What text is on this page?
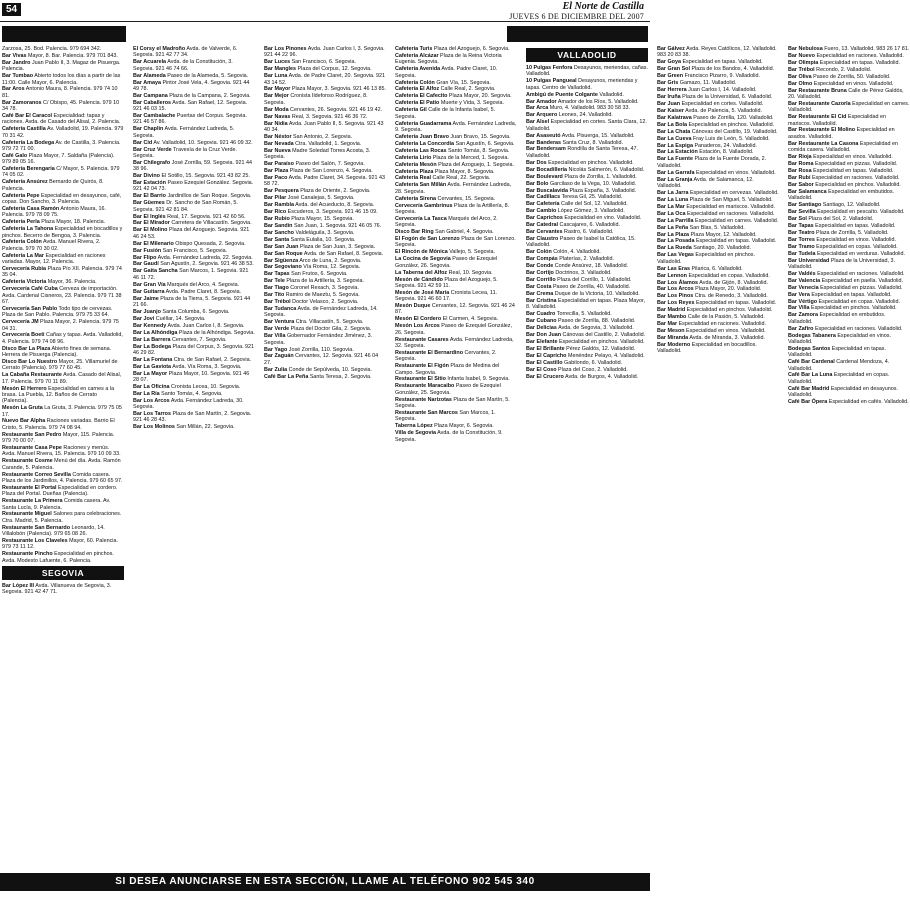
54	El Norte de Castilla
JUEVES 6 DE DICIEMBRE DEL 2007
Zarzosa, 25. Bod. Palencia. 979 694 342.
Bar Vivas Mayor, 8. Bar. Palencia. 979 701 843.
Bar Jandro Juan Pablo II, 3. Magaz de Pisuerga. Palencia.
Bar Tumbao Abierto todos los días a partir de las 11:00. Calle Mayor, 6. Palencia.
Bar Aros Antonio Maura, 8. Palencia. 979 74 10 81.
Bar Zamoranos C/ Obispo, 45. Palencia. 979 10 34 78.
Café Bar El Caracol Especialidad: tapas y raciones. Avda. de Casado del Alisal, 2. Palencia.
Cafetería Castilla Av. Valladolid, 19. Palencia. 979 70 31 42.
Cafetería La Bodega Av. de Castilla, 3. Palencia. 979 72 71 00.
Café Galo Plaza Mayor, 7. Saldaña (Palencia). 979 89 05 16.
Cafetería Berengaria C/ Mayor, 5. Palencia. 979 74 05 02.
Cafetería Ansúrez Bernardo de Quirós, 8. Palencia.
Cafetería Pepe Especialidad en desayunos, café, copas. Don Sancho, 3. Palencia.
Cafetería Casa Ramón Antonio Maura, 16. Palencia. 979 78 09 75.
Cafetería Perla Plaza Mayor, 18. Palencia.
Cafetería La Tahona Especialidad en bocadillos y pinchos. Becerro de Bengoa, 3. Palencia.
Cafetería Colón Avda. Manuel Rivera, 2. Palencia. 979 70 30 02.
Cafetería La Mar Especialidad en raciones variadas. Mayor, 12. Palencia.
Cervecería Rubia Plaza Pío XII. Palencia. 979 74 35 04.
Cafetería Victoria Mayor, 36. Palencia.
Cervecería Café Cuba Cerveza de importación. Avda. Cardenal Cisneros, 23. Palencia. 979 71 38 67.
Cervecería San Pablo Todo tipo de cervezas. Plaza de San Pablo. Palencia. 979 75 33 64.
Cervecería JM Plaza Mayor, 2. Palencia. 979 75 04 31.
Cervecería Boeti Cañas y tapas. Avda. Valladolid, 4. Palencia. 979 74 08 96.
Disco Bar La Plaza Abierto fines de semana. Herrera de Pisuerga (Palencia).
Disco Bar Lo Nuestro Mayor, 25. Villamuriel de Cerrato (Palencia). 979 77 60 45.
La Cabaña Restaurante Avda. Casado del Alisal, 17. Palencia. 979 70 11 89.
Mesón El Herrero Especialidad en carnes a la brasa. La Puebla, 12. Baños de Cerrato (Palencia).
Mesón La Gruta La Gruta, 3. Palencia. 979 75 05 17.
Nuevo Bar Alpha Raciones variadas. Barrio El Cristo, 5. Palencia. 979 74 08 94.
Restaurante San Pedro Mayor, 115. Palencia. 979 70 00 07.
Restaurante Casa Pepe Raciones y menús. Avda. Manuel Rivera, 15. Palencia. 979 10 09 33.
Restaurante Cosme Menú del día. Avda. Ramón Carande, 5. Palencia.
Restaurante Correo Sevilla Comida casera. Plaza de los Jardinillos, 4. Palencia. 979 60 65 97.
Restaurante El Portal Especialidad en cordero. Plaza del Portal. Dueñas (Palencia).
Restaurante La Primera Comida casera. Av. Santa Lucía, 9. Palencia.
Restaurante Miguel Salones para celebraciones. Ctra. Madrid, 5. Palencia.
Restaurante San Bernardo Leonardo, 14. Villalobón (Palencia). 979 65 08 26.
Restaurante Los Claveles Mayor, 60. Palencia. 979 73 11 12.
Restaurante Pincho Especialidad en pinchos. Avda. Modesto Lafuente, 6. Palencia.
SEGOVIA
Bar López III Avda. Villanueva de Segovia, 3. Segovia. 921 42 47 71.
El Corsy el Madroño Avda. de Valverde, 6. Segovia. 921 42 77 34.
Bar Acuarela Avda. de la Constitución, 3. Segovia. 921 46 74 66.
Bar Alameda Paseo de la Alameda, 5. Segovia.
Bar Amaya Pintor José Vela, 4. Segovia. 921 44 49 78.
Bar Campana Plaza de la Campana, 2. Segovia.
Bar Caballeros Avda. San Rafael, 12. Segovia. 921 46 03 15.
Bar Cambalache Puertas del Corpus. Segovia. 921 46 57 86.
Bar Chaplin Avda. Fernández Ladreda, 5. Segovia.
Bar Cid Av. Valladolid, 10. Segovia. 921 46 09 32.
Bar Cruz Verde Travesía de la Cruz Verde. Segovia.
Bar Chilegrafo José Zorrilla, 59. Segovia. 921 44 38 96.
Bar Divino El Sotillo, 15. Segovia. 921 43 82 25.
Bar Estación Paseo Ezequiel González. Segovia. 921 42 04 73.
Bar El Barrio Jardinillos de San Roque. Segovia.
Bar Güemes Dr. Sancho de San Román, 5. Segovia. 921 42 81 84.
Bar El Inglés Real, 17. Segovia. 921 42 60 56.
Bar El Mirador Carretera de Villacastín. Segovia.
Bar El Molino Plaza del Azoguejo. Segovia. 921 46 24 53.
Bar El Milenario Obispo Quesada, 2. Segovia.
Bar Fusión San Francisco, 5. Segovia.
Bar Flipo Avda. Fernández Ladreda, 22. Segovia.
Bar Gaudí San Agustín, 2. Segovia. 921 46 38 53.
Bar Gaita Sancha San Marcos, 1. Segovia. 921 46 11 72.
Bar Gran Vía Marqués del Arco, 4. Segovia.
Bar Guitarra Avda. Padre Claret, 8. Segovia.
Bar Jaime Plaza de la Tierra, 5. Segovia. 921 44 21 66.
Bar Juanjo Santa Columba, 6. Segovia.
Bar Jovi Cuéllar, 14. Segovia.
Bar Kennedy Avda. Juan Carlos I, 8. Segovia.
Bar La Alhóndiga Plaza de la Alhóndiga. Segovia.
Bar La Barrera Cervantes, 7. Segovia.
Bar La Bodega Plaza del Corpus, 3. Segovia. 921 46 29 82.
Bar La Fontana Ctra. de San Rafael, 2. Segovia.
Bar La Gaviota Avda. Vía Roma, 3. Segovia.
Bar La Mayor Plaza Mayor, 10. Segovia. 921 46 28 07.
Bar La Oficina Cronista Lecea, 10. Segovia.
Bar La Ría Santo Tomás, 4. Segovia.
Bar Los Arcos Avda. Fernández Ladreda, 30. Segovia.
Bar Los Tarros Plaza de San Martín, 2. Segovia. 921 46 28 43.
Bar Los Molinos San Millán, 22. Segovia.
Bar Los Pinones Avda. Juan Carlos I, 3. Segovia. 921 44 22 96.
Bar Luces San Francisco, 6. Segovia.
Bar Mangles Plaza del Corpus, 12. Segovia.
Bar Luna Avda. de Padre Claret, 20. Segovia. 921 43 14 52.
Bar Mayor Plaza Mayor, 3. Segovia. 921 46 13 85.
Bar Mejor Cronista Ildefonso Rodríguez, 8. Segovia.
Bar Moda Cervantes, 26. Segovia. 921 46 19 42.
Bar Navas Real, 3. Segovia. 921 46 36 72.
Bar Nidia Avda. Juan Pablo II, 5. Segovia. 921 43 40 34.
Bar Néstor San Antonio, 2. Segovia.
Bar Nevada Ctra. Valladolid, 1. Segovia.
Bar Nueva Madre Soledad Torres Acosta, 3. Segovia.
Bar Paraíso Paseo del Salón, 7. Segovia.
Bar Plaza Plaza de San Lorenzo, 4. Segovia.
Bar Paco Avda. Padre Claret, 34. Segovia. 921 43 58 72.
Bar Pesquera Plaza de Oriente, 2. Segovia.
Bar Pilar José Canalejas, 5. Segovia.
Bar Rambla Avda. del Acueducto, 8. Segovia.
Bar Rico Escuderos, 3. Segovia. 921 46 15 09.
Bar Rubio Plaza Mayor, 15. Segovia.
Bar Sandín San Juan, 1. Segovia. 921 46 05 76.
Bar Sancho Valdeláguila, 3. Segovia.
Bar Santa Santa Eulalia, 10. Segovia.
Bar San Juan Plaza de San Juan, 3. Segovia.
Bar San Roque Avda. de San Rafael, 8. Segovia.
Bar Sigüenza Arco de Luna, 2. Segovia.
Bar Segoviano Vía Roma, 12. Segovia.
Bar Tapas San Frutos, 6. Segovia.
Bar Tele Plaza de la Artillería, 3. Segovia.
Bar Tiago Coronel Rexach, 3. Segovia.
Bar Tito Ramiro de Maeztu, 5. Segovia.
Bar Trébol Doctor Velasco, 2. Segovia.
Bar Tudanca Avda. de Fernández Ladreda, 14. Segovia.
Bar Ventura Ctra. Villacastín, 5. Segovia.
Bar Verde Plaza del Doctor Gila, 2. Segovia.
Bar Villa Gobernador Fernández Jiménez, 3. Segovia.
Bar Yago José Zorrilla, 110. Segovia.
Bar Zaguán Cervantes, 12. Segovia. 921 46 04 27.
Bar Zulia Conde de Sepúlveda, 10. Segovia.
Café Bar La Peña Santa Teresa, 2. Segovia.
Cafetería Turis Plaza del Azoguejo, 6. Segovia.
Cafetería Alcázar Plaza de la Reina Victoria Eugenia. Segovia.
Cafetería Avenida Avda. Padre Claret, 10. Segovia.
Cafetería Colón Gran Vía, 15. Segovia.
Cafetería El Alfoz Calle Real, 2. Segovia.
Cafetería El Cafecito Plaza Mayor, 20. Segovia.
Cafetería El Patio Muerte y Vida, 3. Segovia.
Cafetería Gil Calle de la Infanta Isabel, 5. Segovia.
Cafetería Guadarrama Avda. Fernández Ladreda, 9. Segovia.
Cafetería Juan Bravo Juan Bravo, 15. Segovia.
Cafetería La Concordia San Agustín, 6. Segovia.
Cafetería Las Rocas Santo Tomás, 8. Segovia.
Cafetería Lirio Plaza de la Merced, 1. Segovia.
Cafetería Mesón Plaza del Azoguejo, 1. Segovia.
Cafetería Plaza Plaza Mayor, 8. Segovia.
Cafetería Real Calle Real, 22. Segovia.
Cafetería San Millán Avda. Fernández Ladreda, 28. Segovia.
Cafetería Sirena Cervantes, 15. Segovia.
Cervecería Gambrinus Plaza de la Artillería, 8. Segovia.
Cervecería La Tasca Marqués del Arco, 2. Segovia.
Disco Bar Ring San Gabriel, 4. Segovia.
El Fogón de San Lorenzo Plaza de San Lorenzo. Segovia.
El Rincón de Mónica Vallejo, 5. Segovia.
La Cocina de Segovia Paseo de Ezequiel González, 26. Segovia.
La Taberna del Alfoz Real, 10. Segovia.
Mesón de Cándido Plaza del Azoguejo, 5. Segovia. 921 42 59 11.
Mesón de José María Cronista Lecea, 11. Segovia. 921 46 60 17.
Mesón Duque Cervantes, 12. Segovia. 921 46 24 87.
Mesón El Cordero El Carmen, 4. Segovia.
Mesón Los Arcos Paseo de Ezequiel González, 26. Segovia.
Restaurante Casares Avda. Fernández Ladreda, 32. Segovia.
Restaurante El Bernardino Cervantes, 2. Segovia.
Restaurante El Figón Plaza de Medina del Campo. Segovia.
Restaurante El Sitio Infanta Isabel, 9. Segovia.
Restaurante Maracaibo Paseo de Ezequiel González, 25. Segovia.
Restaurante Narizotas Plaza de San Martín, 5. Segovia.
Restaurante San Marcos San Marcos, 1. Segovia.
Taberna López Plaza Mayor, 6. Segovia.
Villa de Segovia Avda. de la Constitución, 9. Segovia.
VALLADOLID
10 Pulgas Fenfora Desayunos, meriendas, cañas. Valladolid.
10 Pulgas Pangueal Desayunos, meriendas y tapas. Centro de Valladolid.
Ambigú de Puente Colgante Valladolid.
Bar Amador Amador de los Ríos, 5. Valladolid.
Bar Arca Muro, 4. Valladolid. 983 30 58 33.
Bar Arquero Leones, 24. Valladolid.
Bar Alsel Especialidad en cortes. Santa Clara, 12. Valladolid.
Bar Asaseutó Avda. Pisuerga, 15. Valladolid.
Bar Banderas Santa Cruz, 8. Valladolid.
Bar Bendersam Rondilla de Santa Teresa, 47. Valladolid.
Bar Dos Especialidad en pinchos. Valladolid.
Bar Bocadillería Nicolás Salmerón, 6. Valladolid.
Bar Boulevard Plaza de Zorrilla, 1. Valladolid.
Bar Bolo Garcilaso de la Vega, 10. Valladolid.
Bar Buscalavida Plaza España, 3. Valladolid.
Bar Cadillacs Teresa Gil, 25. Valladolid.
Bar Cafetería Calle del Sol, 12. Valladolid.
Bar Cambio López Gómez, 3. Valladolid.
Bar Caprichos Especialidad en vino. Valladolid.
Bar Catedral Cascajares, 6. Valladolid.
Bar Cervantes Rastro, 6. Valladolid.
Bar Claustro Paseo de Isabel la Católica, 15. Valladolid.
Bar Colón Colón, 4. Valladolid.
Bar Compás Platerías, 2. Valladolid.
Bar Conde Conde Ansúrez, 18. Valladolid.
Bar Cortijo Doctrinos, 3. Valladolid.
Bar Corrillo Plaza del Corrillo, 1. Valladolid.
Bar Costa Paseo de Zorrilla, 40. Valladolid.
Bar Crema Duque de la Victoria, 10. Valladolid.
Bar Cristina Especialidad en tapas. Plaza Mayor, 8. Valladolid.
Bar Cuadro Torrecilla, 5. Valladolid.
Bar Cubano Paseo de Zorrilla, 88. Valladolid.
Bar Delicias Avda. de Segovia, 3. Valladolid.
Bar Don Juan Cánovas del Castillo, 2. Valladolid.
Bar Elefante Especialidad en pinchos. Valladolid.
Bar El Brillante Pérez Galdós, 12. Valladolid.
Bar El Capricho Menéndez Pelayo, 4. Valladolid.
Bar El Castillo Gabilondo, 6. Valladolid.
Bar El Coso Plaza del Coso, 2. Valladolid.
Bar El Crucero Avda. de Burgos, 4. Valladolid.
Bar Gálvez Avda. Reyes Católicos, 12. Valladolid. 983 20 83 38.
Bar Goya Especialidad en tapas. Valladolid.
Bar Gran Sol Plaza de los Bandos, 4. Valladolid.
Bar Green Francisco Pizarro, 9. Valladolid.
Bar Gris Gamazo, 11. Valladolid.
Bar Herrera Juan Carlos I, 14. Valladolid.
Bar Iruña Plaza de la Universidad, 6. Valladolid.
Bar Juan Especialidad en cortes. Valladolid.
Bar Kaiser Avda. de Palencia, 5. Valladolid.
Bar Kalatrava Paseo de Zorrilla, 120. Valladolid.
Bar La Bola Especialidad en pinchos. Valladolid.
Bar La Chata Cánovas del Castillo, 19. Valladolid.
Bar La Cueva Fray Luis de León, 5. Valladolid.
Bar La Espiga Panaderos, 24. Valladolid.
Bar La Estación Estación, 8. Valladolid.
Bar La Fuente Plaza de la Fuente Dorada, 2. Valladolid.
Bar La Garrafa Especialidad en vinos. Valladolid.
Bar La Granja Avda. de Salamanca, 12. Valladolid.
Bar La Jarra Especialidad en cervezas. Valladolid.
Bar La Luna Plaza de San Miguel, 5. Valladolid.
Bar La Mar Especialidad en mariscos. Valladolid.
Bar La Oca Especialidad en raciones. Valladolid.
Bar La Parrilla Especialidad en carnes. Valladolid.
Bar La Peña San Blas, 5. Valladolid.
Bar La Plaza Plaza Mayor, 12. Valladolid.
Bar La Posada Especialidad en tapas. Valladolid.
Bar La Rueda Santiago, 20. Valladolid.
Bar Las Vegas Especialidad en pinchos. Valladolid.
Bar Las Eras Pilarica, 6. Valladolid.
Bar Lennon Especialidad en copas. Valladolid.
Bar Los Álamos Avda. de Gijón, 8. Valladolid.
Bar Los Arcos Plaza Mayor, 20. Valladolid.
Bar Los Pinos Ctra. de Renedo, 3. Valladolid.
Bar Los Reyes Especialidad en tapas. Valladolid.
Bar Madrid Especialidad en pinchos. Valladolid.
Bar Mambo Calle de la Pasión, 5. Valladolid.
Bar Mar Especialidad en raciones. Valladolid.
Bar Meson Especialidad en vinos. Valladolid.
Bar Miranda Avda. de Miranda, 3. Valladolid.
Bar Moderno Especialidad en bocadillos. Valladolid.
Bar Nebulosa Fuero, 13. Valladolid. 983 26 17 81.
Bar Nuevo Especialidad en raciones. Valladolid.
Bar Olimpia Especialidad en tapas. Valladolid.
Bar Trébol Recondo, 2. Valladolid.
Bar Oliva Paseo de Zorrilla, 50. Valladolid.
Bar Olmo Especialidad en vinos. Valladolid.
Bar Restaurante Bruna Calle de Pérez Galdós, 20. Valladolid.
Bar Restaurante Cazorla Especialidad en carnes. Valladolid.
Bar Restaurante El Cid Especialidad en mariscos. Valladolid.
Bar Restaurante El Molino Especialidad en asados. Valladolid.
Bar Restaurante La Casona Especialidad en comida casera. Valladolid.
Bar Rioja Especialidad en vinos. Valladolid.
Bar Roma Especialidad en pizzas. Valladolid.
Bar Rosa Especialidad en tapas. Valladolid.
Bar Rubí Especialidad en raciones. Valladolid.
Bar Sabor Especialidad en pinchos. Valladolid.
Bar Salamanca Especialidad en embutidos. Valladolid.
Bar Santiago Santiago, 12. Valladolid.
Bar Sevilla Especialidad en pescaíto. Valladolid.
Bar Sol Plaza del Sol, 2. Valladolid.
Bar Tapas Especialidad en tapas. Valladolid.
Bar Teatro Plaza de Zorrilla, 5. Valladolid.
Bar Torres Especialidad en vinos. Valladolid.
Bar Tramo Especialidad en copas. Valladolid.
Bar Tudela Especialidad en verduras. Valladolid.
Bar Universidad Plaza de la Universidad, 3. Valladolid.
Bar Valdés Especialidad en raciones. Valladolid.
Bar Valencia Especialidad en paella. Valladolid.
Bar Venecia Especialidad en pizzas. Valladolid.
Bar Vera Especialidad en tapas. Valladolid.
Bar Vértigo Especialidad en copas. Valladolid.
Bar Villa Especialidad en pinchos. Valladolid.
Bar Zamora Especialidad en embutidos. Valladolid.
Bar Zafiro Especialidad en raciones. Valladolid.
Bodegas Tabanera Especialidad en vinos. Valladolid.
Bodegas Santos Especialidad en tapas. Valladolid.
Café Bar Cardenal Cardenal Mendoza, 4. Valladolid.
Café Bar La Luna Especialidad en copas. Valladolid.
Café Bar Madrid Especialidad en desayunos. Valladolid.
Café Bar Ópera Especialidad en cafés. Valladolid.
SI DESEA ANUNCIARSE EN ESTA SECCIÓN, LLAME AL TELÉFONO 902 545 340
